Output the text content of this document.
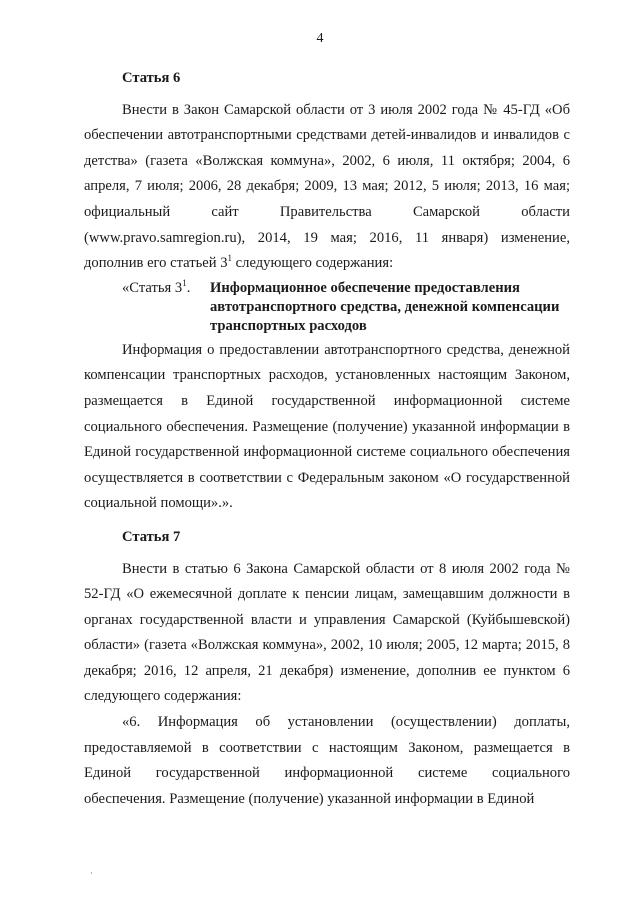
4

Статья 6

Внести в Закон Самарской области от 3 июля 2002 года № 45-ГД «Об обеспечении автотранспортными средствами детей-инвалидов и инвалидов с детства» (газета «Волжская коммуна», 2002, 6 июля, 11 октября; 2004, 6 апреля, 7 июля; 2006, 28 декабря; 2009, 13 мая; 2012, 5 июля; 2013, 16 мая; официальный сайт Правительства Самарской области (www.pravo.samregion.ru), 2014, 19 мая; 2016, 11 января) изменение, дополнив его статьей $3^1$ следующего содержания:

«Статья $3^1$.	Информационное обеспечение предоставления автотранспортного средства, денежной компенсации транспортных расходов

Информация о предоставлении автотранспортного средства, денежной компенсации транспортных расходов, установленных настоящим Законом, размещается в Единой государственной информационной системе социального обеспечения. Размещение (получение) указанной информации в Единой государственной информационной системе социального обеспечения осуществляется в соответствии с Федеральным законом «О государственной социальной помощи».».

Статья 7

Внести в статью 6 Закона Самарской области от 8 июля 2002 года № 52-ГД «О ежемесячной доплате к пенсии лицам, замещавшим должности в органах государственной власти и управления Самарской (Куйбышевской) области» (газета «Волжская коммуна», 2002, 10 июля; 2005, 12 марта; 2015, 8 декабря; 2016, 12 апреля, 21 декабря) изменение, дополнив ее пунктом 6 следующего содержания:

«6. Информация об установлении (осуществлении) доплаты, предоставляемой в соответствии с настоящим Законом, размещается в Единой государственной информационной системе социального обеспечения. Размещение (получение) указанной информации в Единой

·
